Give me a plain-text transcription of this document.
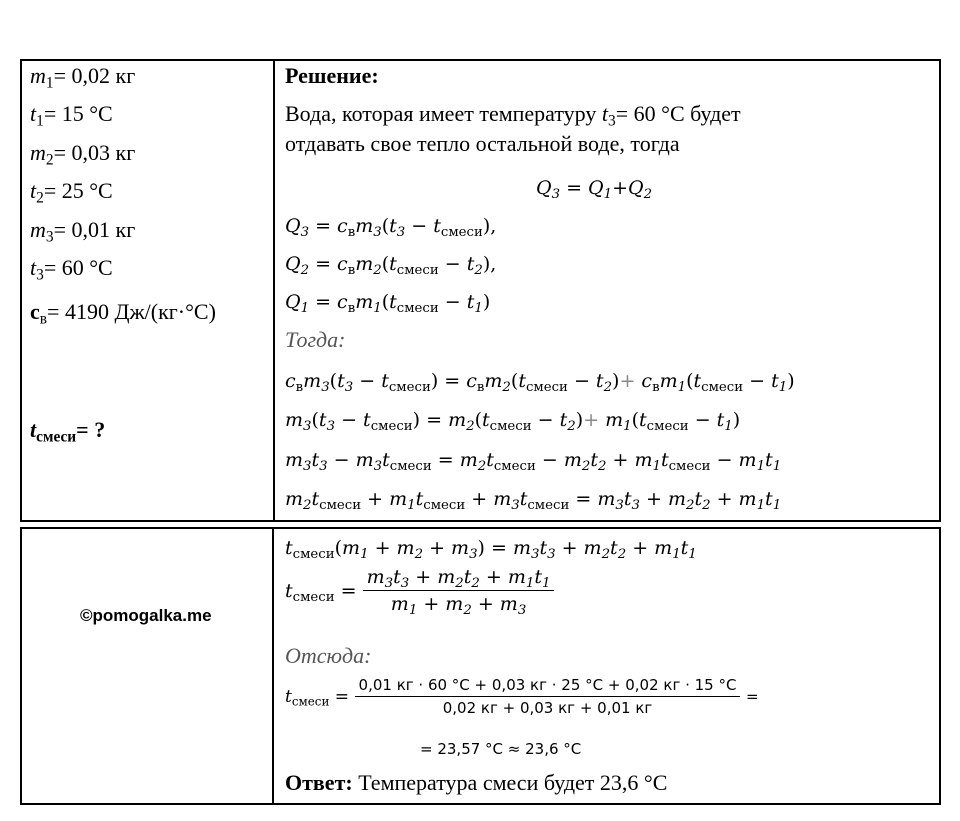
$m_1= 0,02$ кг
$t_1= 15$ °C
$m_2= 0,03$ кг
$t_2= 25$ °C
$m_3= 0,01$ кг
$t_3= 60$ °C
$c_в= 4190$ Дж/(кг·°С)
$t_{смеси}=$ ?
Решение:
Вода, которая имеет температуру $t_3= 60$ °С будет
отдавать свое тепло остальной воде, тогда
$Q_3 = Q_1+Q_2$
$Q_3 = c_вm_3(t_3 - t_{смеси})$,
$Q_2 = c_вm_2(t_{смеси} - t_2)$,
$Q_1 = c_вm_1(t_{смеси} - t_1)$
Тогда:
$c_вm_3(t_3 - t_{смеси}) = c_вm_2(t_{смеси} - t_2)+ c_вm_1(t_{смеси} - t_1)$
$m_3(t_3 - t_{смеси}) = m_2(t_{смеси} - t_2)+ m_1(t_{смеси} - t_1)$
$m_3t_3 - m_3t_{смеси} = m_2t_{смеси} - m_2t_2 + m_1t_{смеси} - m_1t_1$
$m_2t_{смеси} + m_1t_{смеси} + m_3t_{смеси} = m_3t_3 + m_2t_2 + m_1t_1$
©pomogalka.me
$t_{смеси}(m_1 + m_2 + m_3) = m_3t_3 + m_2t_2 + m_1t_1$
$t_{смеси} = \frac{m_3t_3 + m_2t_2 + m_1t_1}{m_1 + m_2 + m_3}$
Отсюда:
$t_{смеси} = \frac{0,01 кг \cdot 60 ^\circ С + 0,03 кг \cdot 25 ^\circ С + 0,02 кг \cdot 15 ^\circ С}{0,02 кг + 0,03 кг + 0,01 кг}$ =
= 23,57 °С ≈ 23,6 °С
Ответ: Температура смеси будет 23,6 °С
